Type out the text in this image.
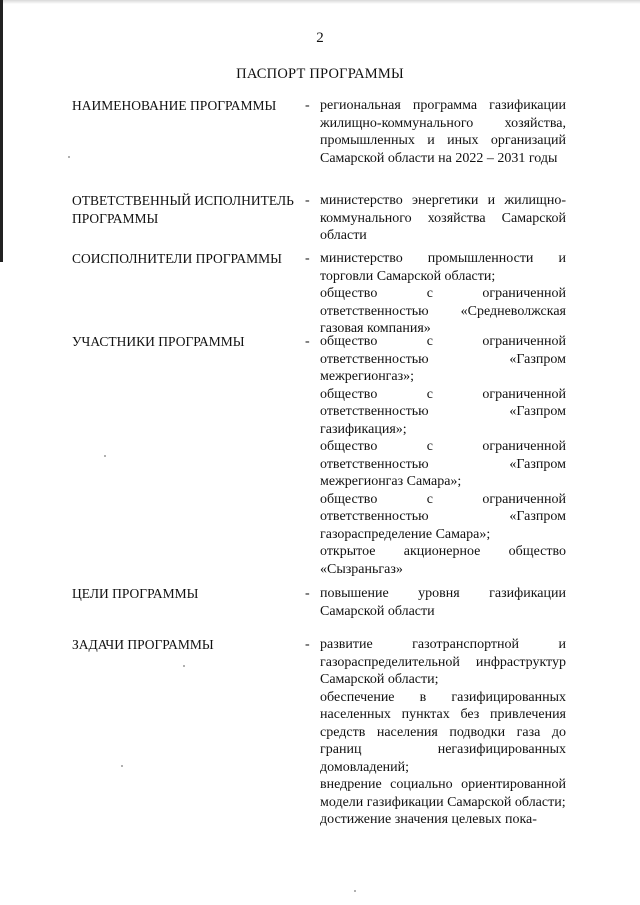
2
ПАСПОРТ ПРОГРАММЫ
НАИМЕНОВАНИЕ ПРОГРАММЫ	- региональная программа газификации жилищно-коммунального хозяйства, промышленных и иных организаций Самарской области на 2022 – 2031 годы

ОТВЕТСТВЕННЫЙ ИСПОЛНИТЕЛЬ ПРОГРАММЫ
- министерство энергетики и жилищно-коммунального хозяйства Самарской области

СОИСПОЛНИТЕЛИ ПРОГРАММЫ	- министерство промышленности и торговли Самарской области;

общество с ограниченной ответственностью «Средневолжская газовая компания»

УЧАСТНИКИ ПРОГРАММЫ	- общество с ограниченной ответственностью «Газпром межрегионгаз»;

общество с ограниченной ответственностью «Газпром газификация»;

общество с ограниченной ответственностью «Газпром межрегионгаз Самара»;

общество с ограниченной ответственностью «Газпром газораспределение Самара»;

открытое акционерное общество «Сызраньгаз»

ЦЕЛИ ПРОГРАММЫ	- повышение уровня газификации Самарской области

ЗАДАЧИ ПРОГРАММЫ	- развитие газотранспортной и газораспределительной инфраструктур Самарской области;

обеспечение в газифицированных населенных пунктах без привлечения средств населения подводки газа до границ негазифицированных домовладений;

внедрение социально ориентированной модели газификации Самарской области;

достижение значения целевых пока-
